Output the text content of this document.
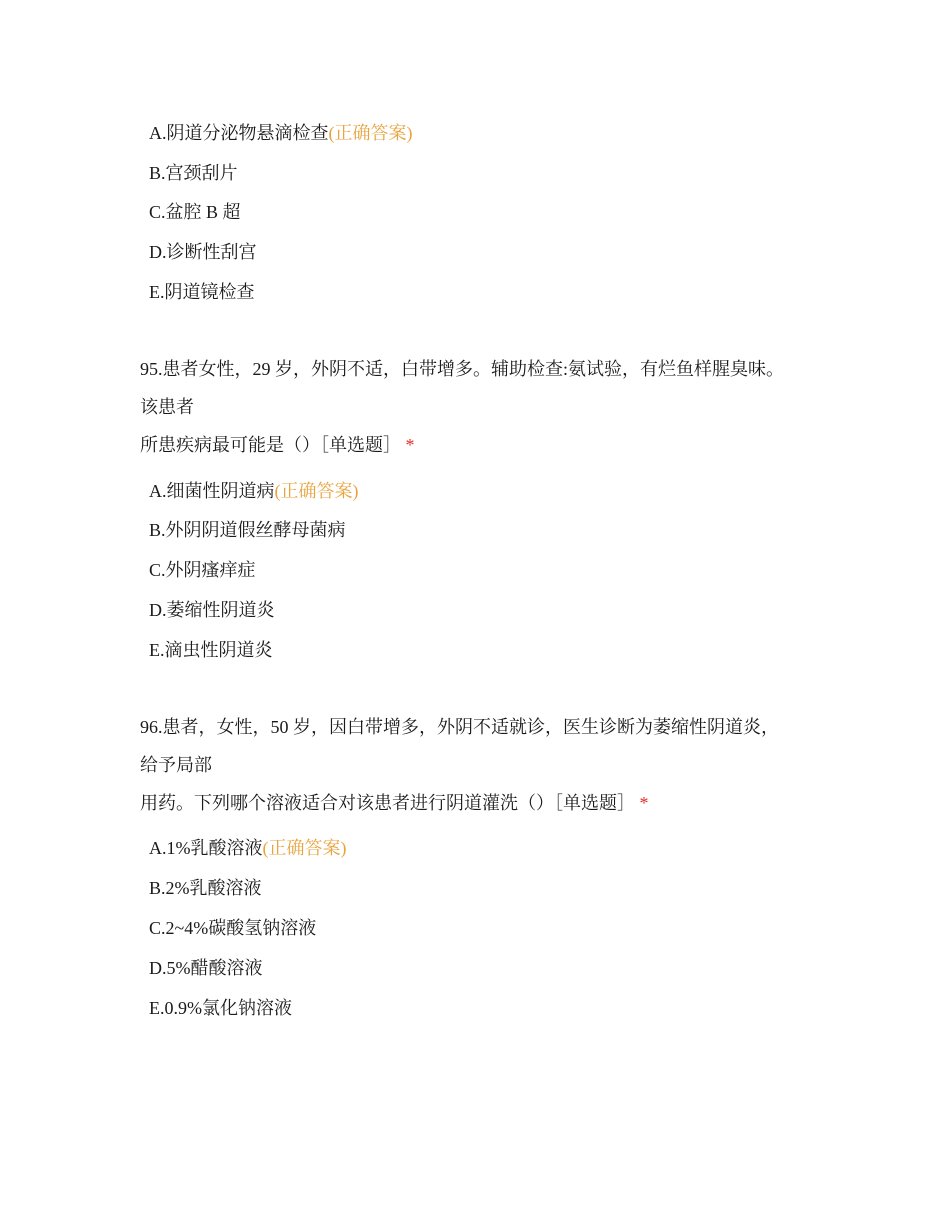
A.阴道分泌物悬滴检查(正确答案)
B.宫颈刮片
C.盆腔 B 超
D.诊断性刮宫
E.阴道镜检查
95.患者女性，29 岁，外阴不适，白带增多。辅助检查:氨试验，有烂鱼样腥臭味。
该患者
所患疾病最可能是（）［单选题］ *
A.细菌性阴道病(正确答案)
B.外阴阴道假丝酵母菌病
C.外阴瘙痒症
D.萎缩性阴道炎
E.滴虫性阴道炎
96.患者，女性，50 岁，因白带增多，外阴不适就诊，医生诊断为萎缩性阴道炎，
给予局部
用药。下列哪个溶液适合对该患者进行阴道灌洗（）［单选题］ *
A.1%乳酸溶液(正确答案)
B.2%乳酸溶液
C.2~4%碳酸氢钠溶液
D.5%醋酸溶液
E.0.9%氯化钠溶液
